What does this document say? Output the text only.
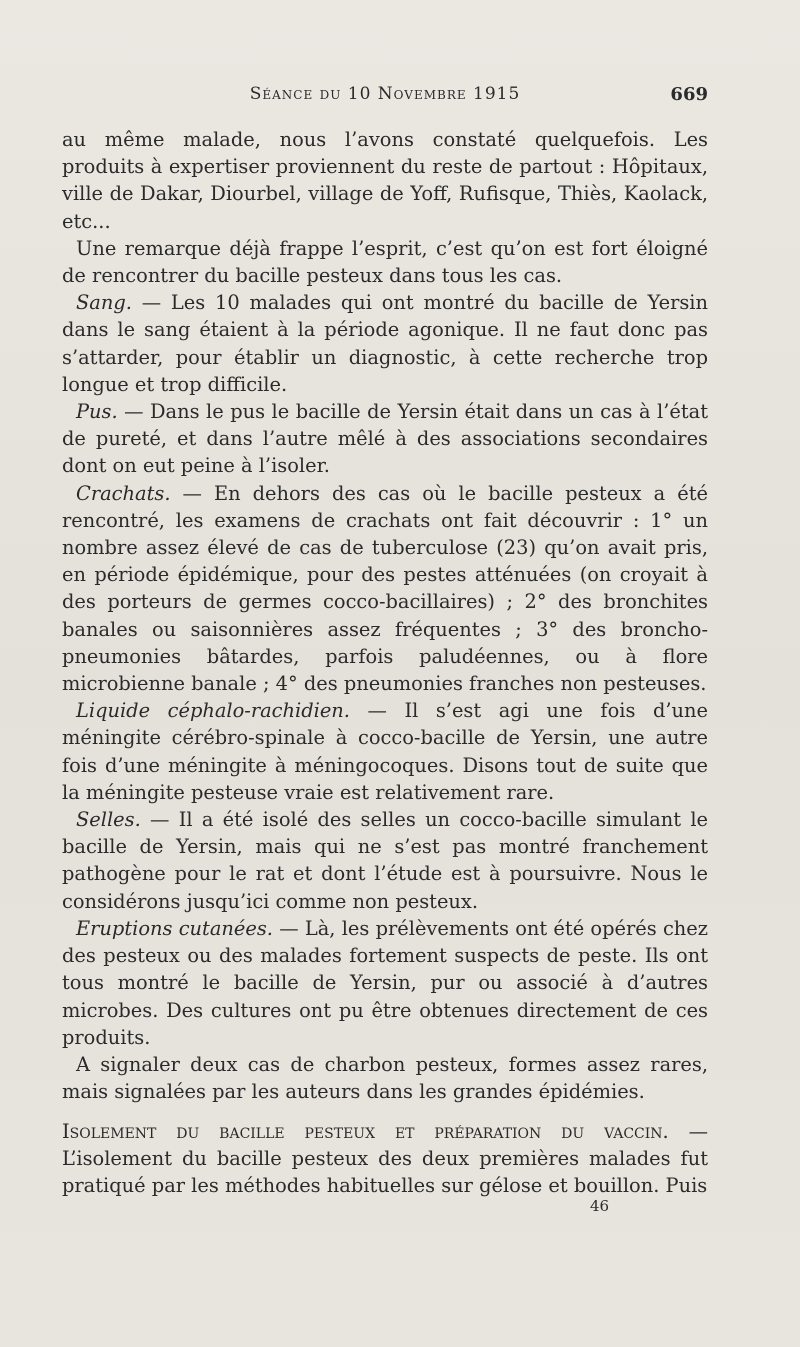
Séance du 10 Novembre 1915	669

au même malade, nous l’avons constaté quelquefois. Les produits à expertiser proviennent du reste de partout : Hôpitaux, ville de Dakar, Diourbel, village de Yoff, Rufisque, Thiès, Kaolack, etc...

Une remarque déjà frappe l’esprit, c’est qu’on est fort éloigné de rencontrer du bacille pesteux dans tous les cas.

Sang. — Les 10 malades qui ont montré du bacille de Yersin dans le sang étaient à la période agonique. Il ne faut donc pas s’attarder, pour établir un diagnostic, à cette recherche trop longue et trop difficile.

Pus. — Dans le pus le bacille de Yersin était dans un cas à l’état de pureté, et dans l’autre mêlé à des associations secondaires dont on eut peine à l’isoler.

Crachats. — En dehors des cas où le bacille pesteux a été rencontré, les examens de crachats ont fait découvrir : 1° un nombre assez élevé de cas de tuberculose (23) qu’on avait pris, en période épidémique, pour des pestes atténuées (on croyait à des porteurs de germes cocco-bacillaires) ; 2° des bronchites banales ou saisonnières assez fréquentes ; 3° des broncho-pneumonies bâtardes, parfois paludéennes, ou à flore microbienne banale ; 4° des pneumonies franches non pesteuses.

Liquide céphalo-rachidien. — Il s’est agi une fois d’une méningite cérébro-spinale à cocco-bacille de Yersin, une autre fois d’une méningite à méningocoques. Disons tout de suite que la méningite pesteuse vraie est relativement rare.

Selles. — Il a été isolé des selles un cocco-bacille simulant le bacille de Yersin, mais qui ne s’est pas montré franchement pathogène pour le rat et dont l’étude est à poursuivre. Nous le considérons jusqu’ici comme non pesteux.

Eruptions cutanées. — Là, les prélèvements ont été opérés chez des pesteux ou des malades fortement suspects de peste. Ils ont tous montré le bacille de Yersin, pur ou associé à d’autres microbes. Des cultures ont pu être obtenues directement de ces produits.

A signaler deux cas de charbon pesteux, formes assez rares, mais signalées par les auteurs dans les grandes épidémies.

Isolement du bacille pesteux et préparation du vaccin. — L’isolement du bacille pesteux des deux premières malades fut pratiqué par les méthodes habituelles sur gélose et bouillon. Puis

46
